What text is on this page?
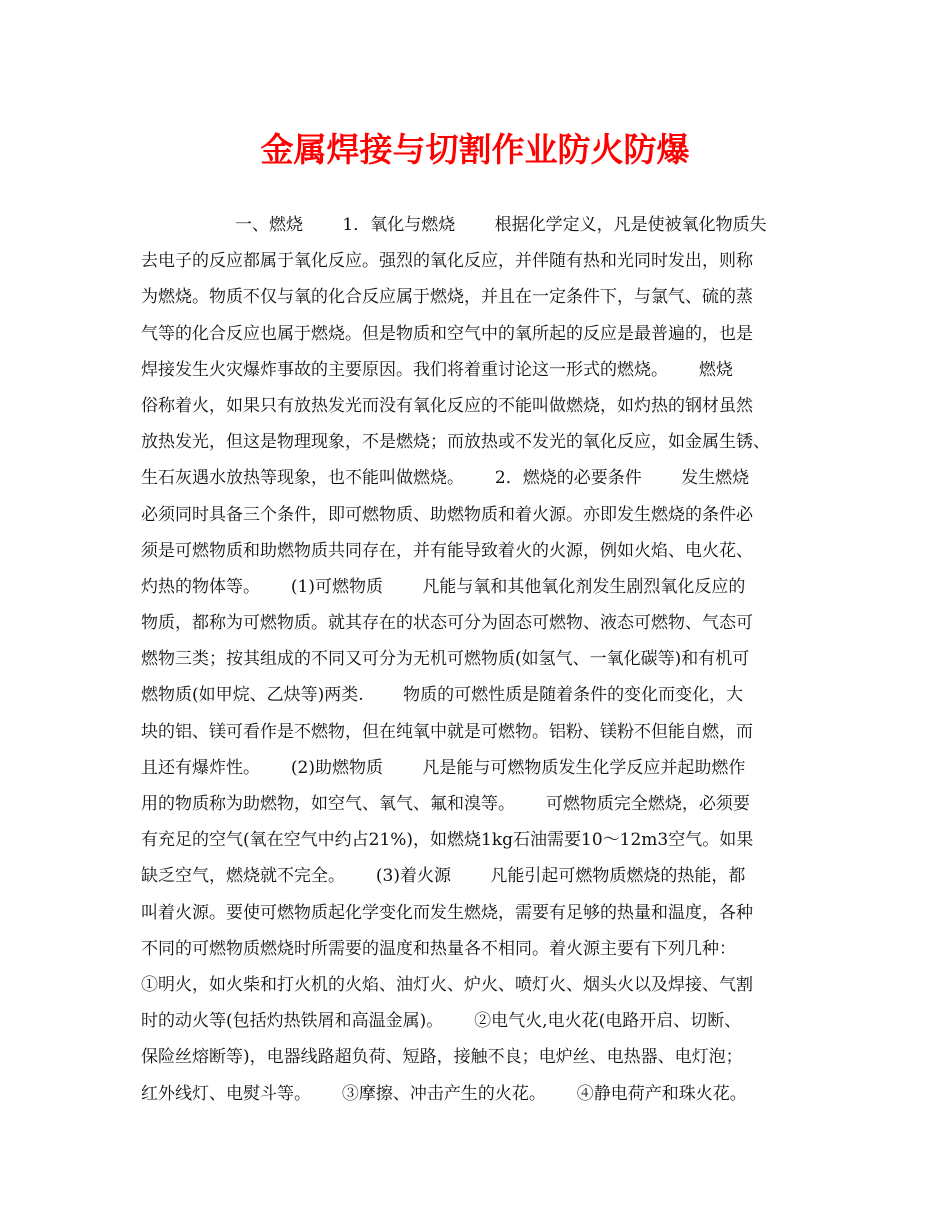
金属焊接与切割作业防火防爆
一、燃烧　　 1．氧化与燃烧　　 根据化学定义，凡是使被氧化物质失
去电子的反应都属于氧化反应。强烈的氧化反应，并伴随有热和光同时发出，则称
为燃烧。物质不仅与氧的化合反应属于燃烧，并且在一定条件下，与氯气、硫的蒸
气等的化合反应也属于燃烧。但是物质和空气中的氧所起的反应是最普遍的，也是
焊接发生火灾爆炸事故的主要原因。我们将着重讨论这一形式的燃烧。　　 燃烧
俗称着火，如果只有放热发光而没有氧化反应的不能叫做燃烧，如灼热的钢材虽然
放热发光，但这是物理现象，不是燃烧；而放热或不发光的氧化反应，如金属生锈、
生石灰遇水放热等现象，也不能叫做燃烧。　　 2．燃烧的必要条件　　 发生燃烧
必须同时具备三个条件，即可燃物质、助燃物质和着火源。亦即发生燃烧的条件必
须是可燃物质和助燃物质共同存在，并有能导致着火的火源，例如火焰、电火花、
灼热的物体等。　　 (1)可燃物质　　 凡能与氧和其他氧化剂发生剧烈氧化反应的
物质，都称为可燃物质。就其存在的状态可分为固态可燃物、液态可燃物、气态可
燃物三类；按其组成的不同又可分为无机可燃物质(如氢气、一氧化碳等)和有机可
燃物质(如甲烷、乙炔等)两类.　　 物质的可燃性质是随着条件的变化而变化，大
块的铝、镁可看作是不燃物，但在纯氧中就是可燃物。铝粉、镁粉不但能自燃，而
且还有爆炸性。　　 (2)助燃物质　　 凡是能与可燃物质发生化学反应并起助燃作
用的物质称为助燃物，如空气、氧气、氟和溴等。　　 可燃物质完全燃烧，必须要
有充足的空气(氧在空气中约占21%)，如燃烧1kg石油需要10～12m3空气。如果
缺乏空气，燃烧就不完全。　　 (3)着火源　　 凡能引起可燃物质燃烧的热能，都
叫着火源。要使可燃物质起化学变化而发生燃烧，需要有足够的热量和温度，各种
不同的可燃物质燃烧时所需要的温度和热量各不相同。着火源主要有下列几种：
①明火，如火柴和打火机的火焰、油灯火、炉火、喷灯火、烟头火以及焊接、气割
时的动火等(包括灼热铁屑和高温金属)。　　 ②电气火,电火花(电路开启、切断、
保险丝熔断等)，电器线路超负荷、短路，接触不良；电炉丝、电热器、电灯泡；
红外线灯、电熨斗等。　　 ③摩擦、冲击产生的火花。　　 ④静电荷产和珠火花。
